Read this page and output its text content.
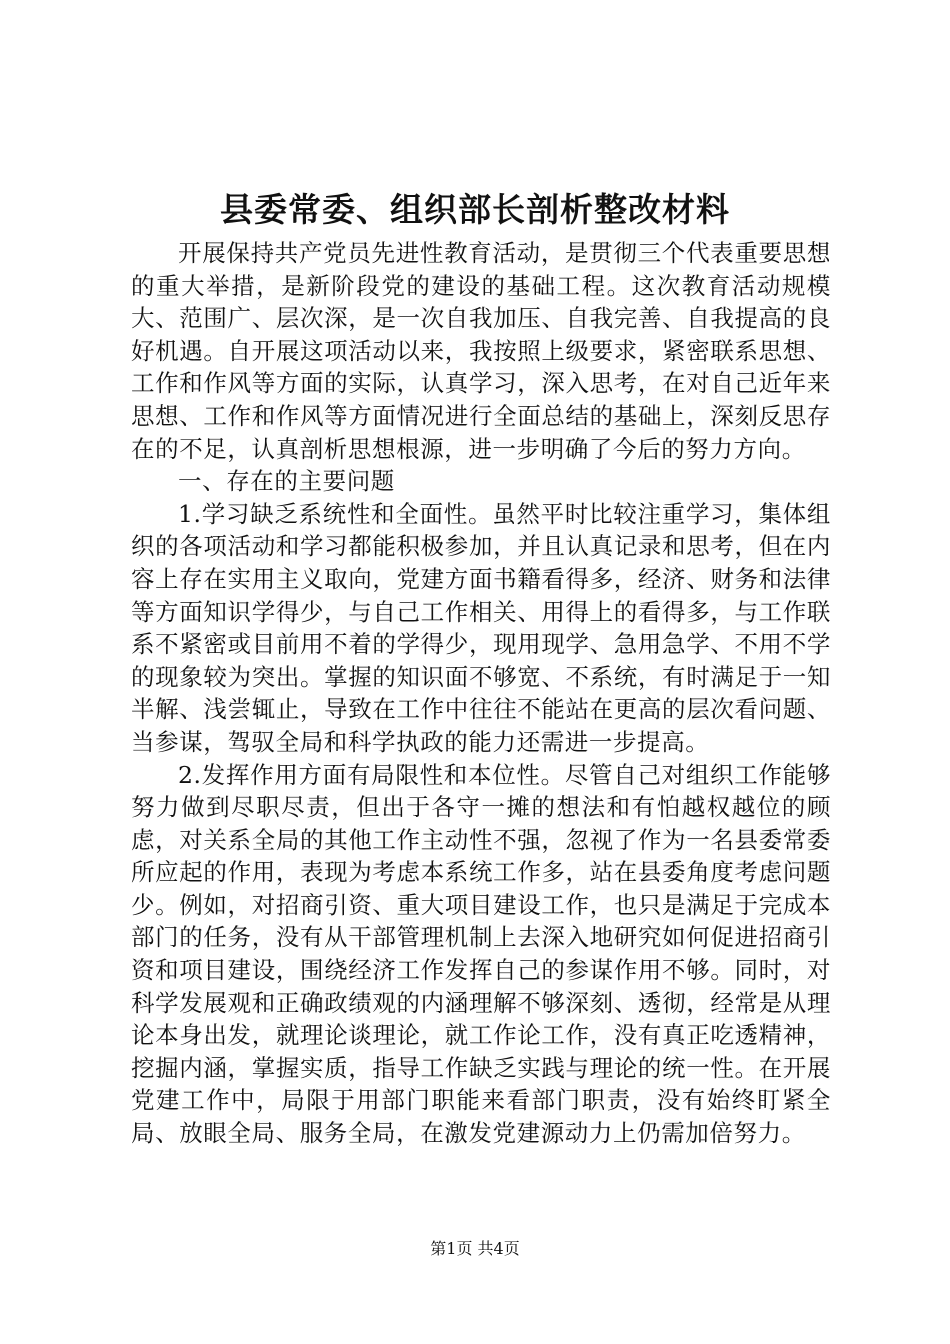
县委常委、组织部长剖析整改材料

开展保持共产党员先进性教育活动，是贯彻三个代表重要思想的重大举措，是新阶段党的建设的基础工程。这次教育活动规模大、范围广、层次深，是一次自我加压、自我完善、自我提高的良好机遇。自开展这项活动以来，我按照上级要求，紧密联系思想、工作和作风等方面的实际，认真学习，深入思考，在对自己近年来思想、工作和作风等方面情况进行全面总结的基础上，深刻反思存在的不足，认真剖析思想根源，进一步明确了今后的努力方向。

一、存在的主要问题

1.学习缺乏系统性和全面性。虽然平时比较注重学习，集体组织的各项活动和学习都能积极参加，并且认真记录和思考，但在内容上存在实用主义取向，党建方面书籍看得多，经济、财务和法律等方面知识学得少，与自己工作相关、用得上的看得多，与工作联系不紧密或目前用不着的学得少，现用现学、急用急学、不用不学的现象较为突出。掌握的知识面不够宽、不系统，有时满足于一知半解、浅尝辄止，导致在工作中往往不能站在更高的层次看问题、当参谋，驾驭全局和科学执政的能力还需进一步提高。

2.发挥作用方面有局限性和本位性。尽管自己对组织工作能够努力做到尽职尽责，但出于各守一摊的想法和有怕越权越位的顾虑，对关系全局的其他工作主动性不强，忽视了作为一名县委常委所应起的作用，表现为考虑本系统工作多，站在县委角度考虑问题少。例如，对招商引资、重大项目建设工作，也只是满足于完成本部门的任务，没有从干部管理机制上去深入地研究如何促进招商引资和项目建设，围绕经济工作发挥自己的参谋作用不够。同时，对科学发展观和正确政绩观的内涵理解不够深刻、透彻，经常是从理论本身出发，就理论谈理论，就工作论工作，没有真正吃透精神，挖掘内涵，掌握实质，指导工作缺乏实践与理论的统一性。在开展党建工作中，局限于用部门职能来看部门职责，没有始终盯紧全局、放眼全局、服务全局，在激发党建源动力上仍需加倍努力。

第1页 共4页
